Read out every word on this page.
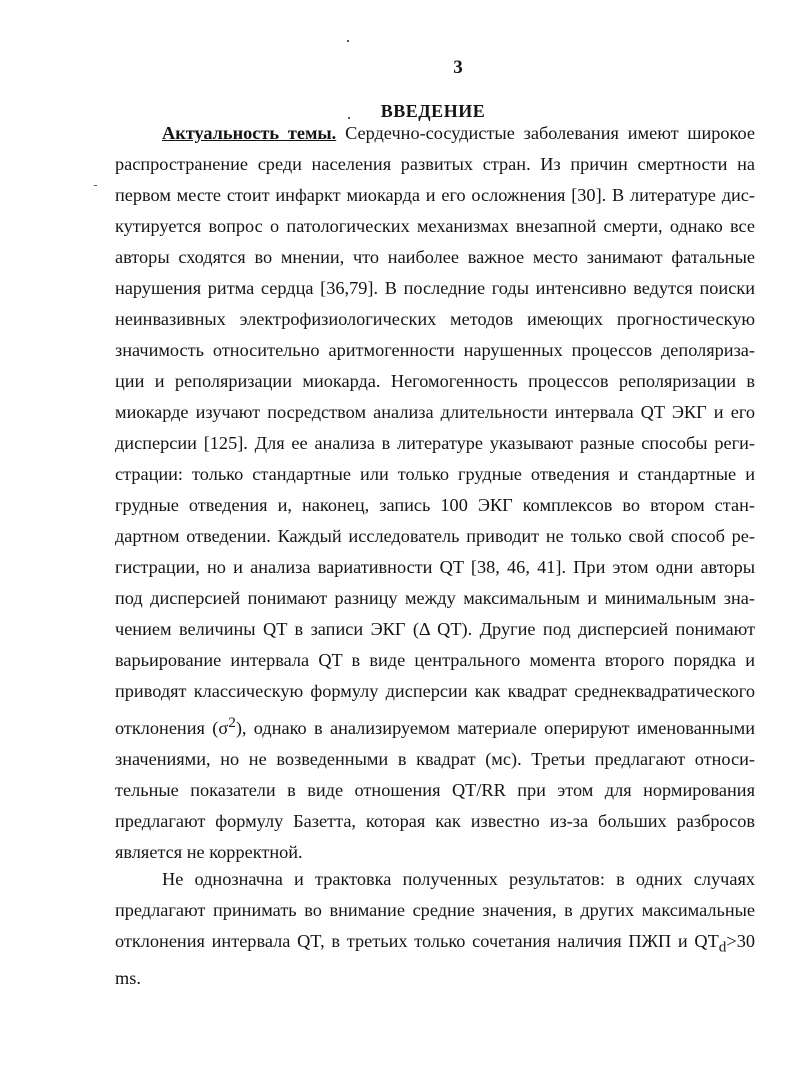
3
ВВЕДЕНИЕ
Актуальность темы. Сердечно-сосудистые заболевания имеют широкое
распространение среди населения развитых стран. Из причин смертности на
первом месте стоит инфаркт миокарда и его осложнения [30]. В литературе дис-
кутируется вопрос о патологических механизмах внезапной смерти, однако все
авторы сходятся во мнении, что наиболее важное место занимают фатальные
нарушения ритма сердца [36,79]. В последние годы интенсивно ведутся поиски
неинвазивных электрофизиологических методов имеющих прогностическую
значимость относительно аритмогенности нарушенных процессов деполяриза-
ции и реполяризации миокарда. Негомогенность процессов реполяризации в
миокарде изучают посредством анализа длительности интервала QT ЭКГ и его
дисперсии [125]. Для ее анализа в литературе указывают разные способы реги-
страции: только стандартные или только грудные отведения и стандартные и
грудные отведения и, наконец, запись 100 ЭКГ комплексов во втором стан-
дартном отведении. Каждый исследователь приводит не только свой способ ре-
гистрации, но и анализа вариативности QT [38, 46, 41]. При этом одни авторы
под дисперсией понимают разницу между максимальным и минимальным зна-
чением величины QT в записи ЭКГ (Δ QT). Другие под дисперсией понимают
варьирование интервала QT в виде центрального момента второго порядка и
приводят классическую формулу дисперсии как квадрат среднеквадратического
отклонения $(\sigma^2)$, однако в анализируемом материале оперируют именованными
значениями, но не возведенными в квадрат (мс). Третьи предлагают относи-
тельные показатели в виде отношения QT/RR при этом для нормирования
предлагают формулу Базетта, которая как известно из-за больших разбросов
является не корректной.
Не однозначна и трактовка полученных результатов: в одних случаях
предлагают принимать во внимание средние значения, в других максимальные
отклонения интервала QT, в третьих только сочетания наличия ПЖП и $QT_d>30$
ms.
